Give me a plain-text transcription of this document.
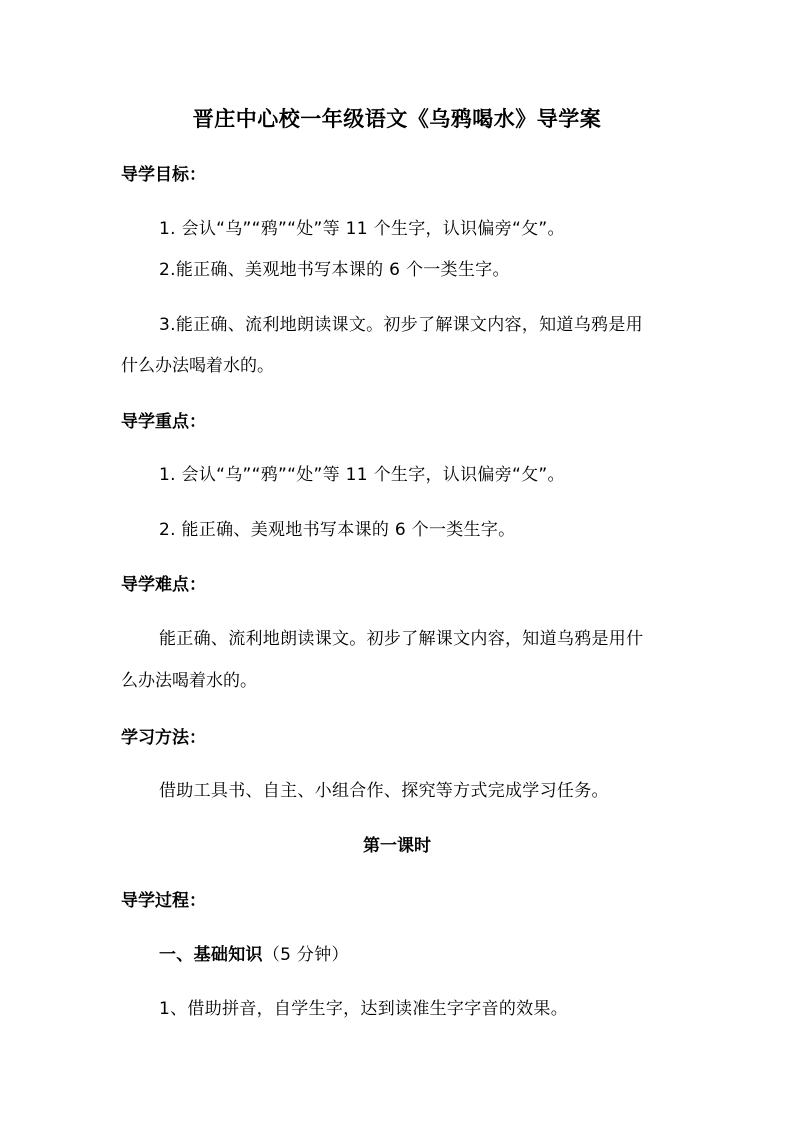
晋庄中心校一年级语文《乌鸦喝水》导学案
导学目标：
1. 会认“乌”“鸦”“处”等 11 个生字，认识偏旁“攵”。
2.能正确、美观地书写本课的 6 个一类生字。
3.能正确、流利地朗读课文。初步了解课文内容，知道乌鸦是用
什么办法喝着水的。
导学重点：
1. 会认“乌”“鸦”“处”等 11 个生字，认识偏旁“攵”。
2. 能正确、美观地书写本课的 6 个一类生字。
导学难点：
能正确、流利地朗读课文。初步了解课文内容，知道乌鸦是用什
么办法喝着水的。
学习方法：
借助工具书、自主、小组合作、探究等方式完成学习任务。
第一课时
导学过程：
一、基础知识（5 分钟）
1、借助拼音，自学生字，达到读准生字字音的效果。
